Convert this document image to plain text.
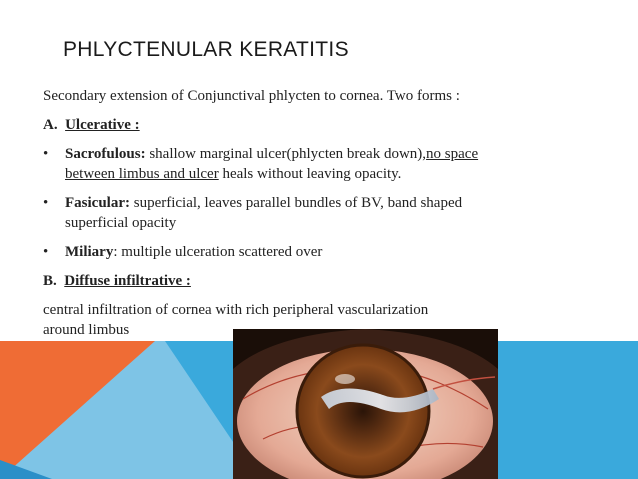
PHLYCTENULAR KERATITIS
Secondary extension of Conjunctival phlycten to cornea. Two forms :
A. Ulcerative :
• Sacrofulous: shallow marginal ulcer(phlycten break down),no space
between limbus and ulcer heals without leaving opacity.
• Fasicular: superficial, leaves parallel bundles of BV, band shaped
superficial opacity
• Miliary: multiple ulceration scattered over
B. Diffuse infiltrative :
central infiltration of cornea with rich peripheral vascularization
around limbus
